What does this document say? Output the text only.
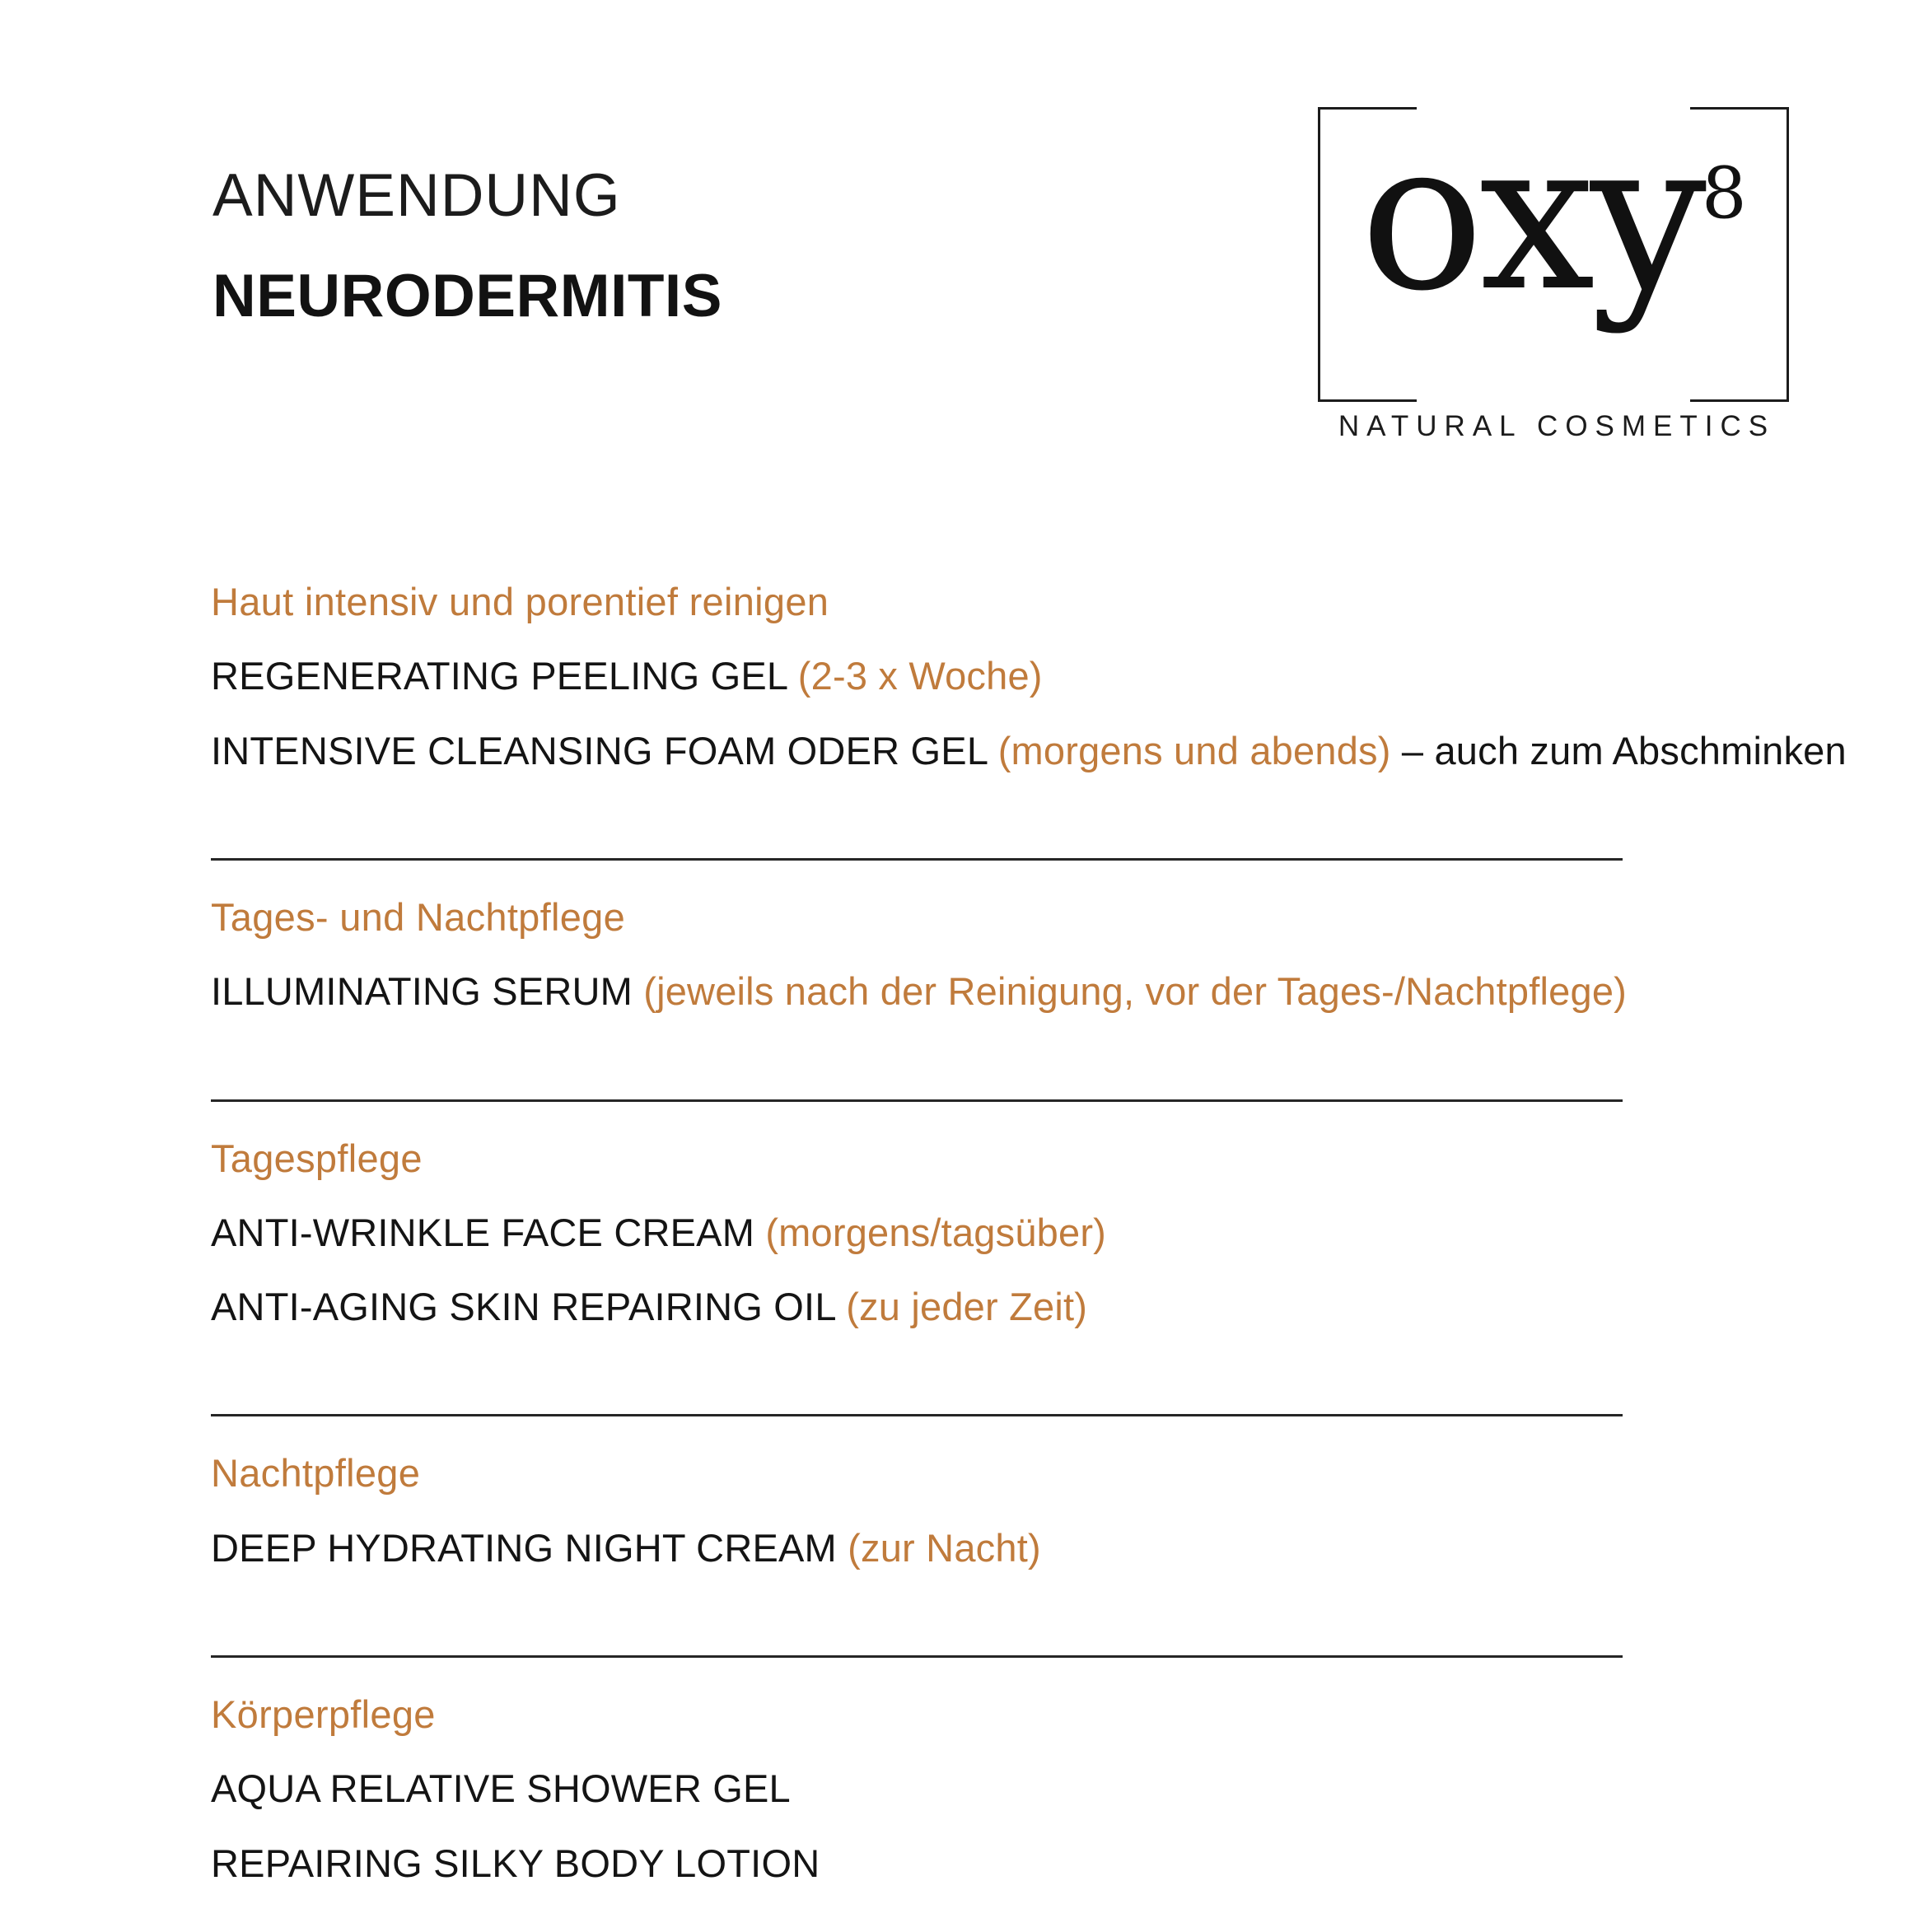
ANWENDUNG
NEURODERMITIS	oxy$^8$
NATURAL COSMETICS
Haut intensiv und porentief reinigen
REGENERATING PEELING GEL (2-3 x Woche)
INTENSIVE CLEANSING FOAM ODER GEL (morgens und abends) – auch zum Abschminken
Tages- und Nachtpflege
ILLUMINATING SERUM (jeweils nach der Reinigung, vor der Tages-/Nachtpflege)
Tagespflege
ANTI-WRINKLE FACE CREAM (morgens/tagsüber)
ANTI-AGING SKIN REPAIRING OIL (zu jeder Zeit)
Nachtpflege
DEEP HYDRATING NIGHT CREAM (zur Nacht)
Körperpflege
AQUA RELATIVE SHOWER GEL
REPAIRING SILKY BODY LOTION
